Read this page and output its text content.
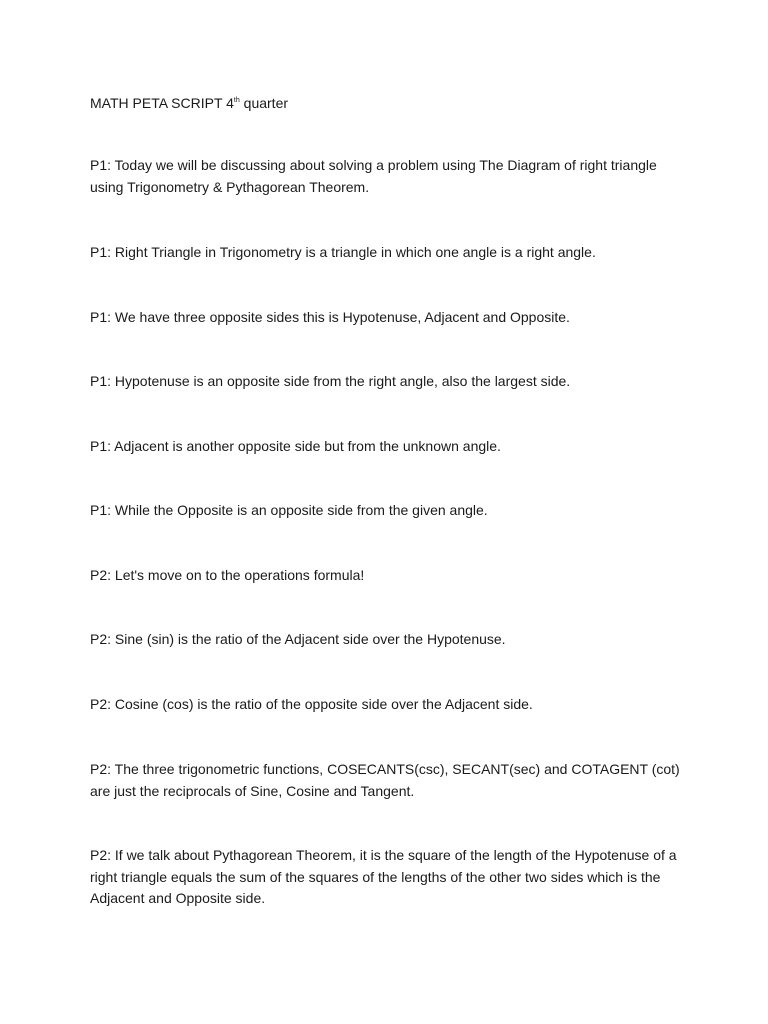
MATH PETA SCRIPT 4th quarter

P1: Today we will be discussing about solving a problem using The Diagram of right triangle using Trigonometry & Pythagorean Theorem.

P1: Right Triangle in Trigonometry is a triangle in which one angle is a right angle.

P1: We have three opposite sides this is Hypotenuse, Adjacent and Opposite.

P1: Hypotenuse is an opposite side from the right angle, also the largest side.

P1: Adjacent is another opposite side but from the unknown angle.

P1: While the Opposite is an opposite side from the given angle.

P2: Let's move on to the operations formula!

P2: Sine (sin) is the ratio of the Adjacent side over the Hypotenuse.

P2: Cosine (cos) is the ratio of the opposite side over the Adjacent side.

P2: The three trigonometric functions, COSECANTS(csc), SECANT(sec) and COTAGENT (cot) are just the reciprocals of Sine, Cosine and Tangent.

P2: If we talk about Pythagorean Theorem, it is the square of the length of the Hypotenuse of a right triangle equals the sum of the squares of the lengths of the other two sides which is the Adjacent and Opposite side.
